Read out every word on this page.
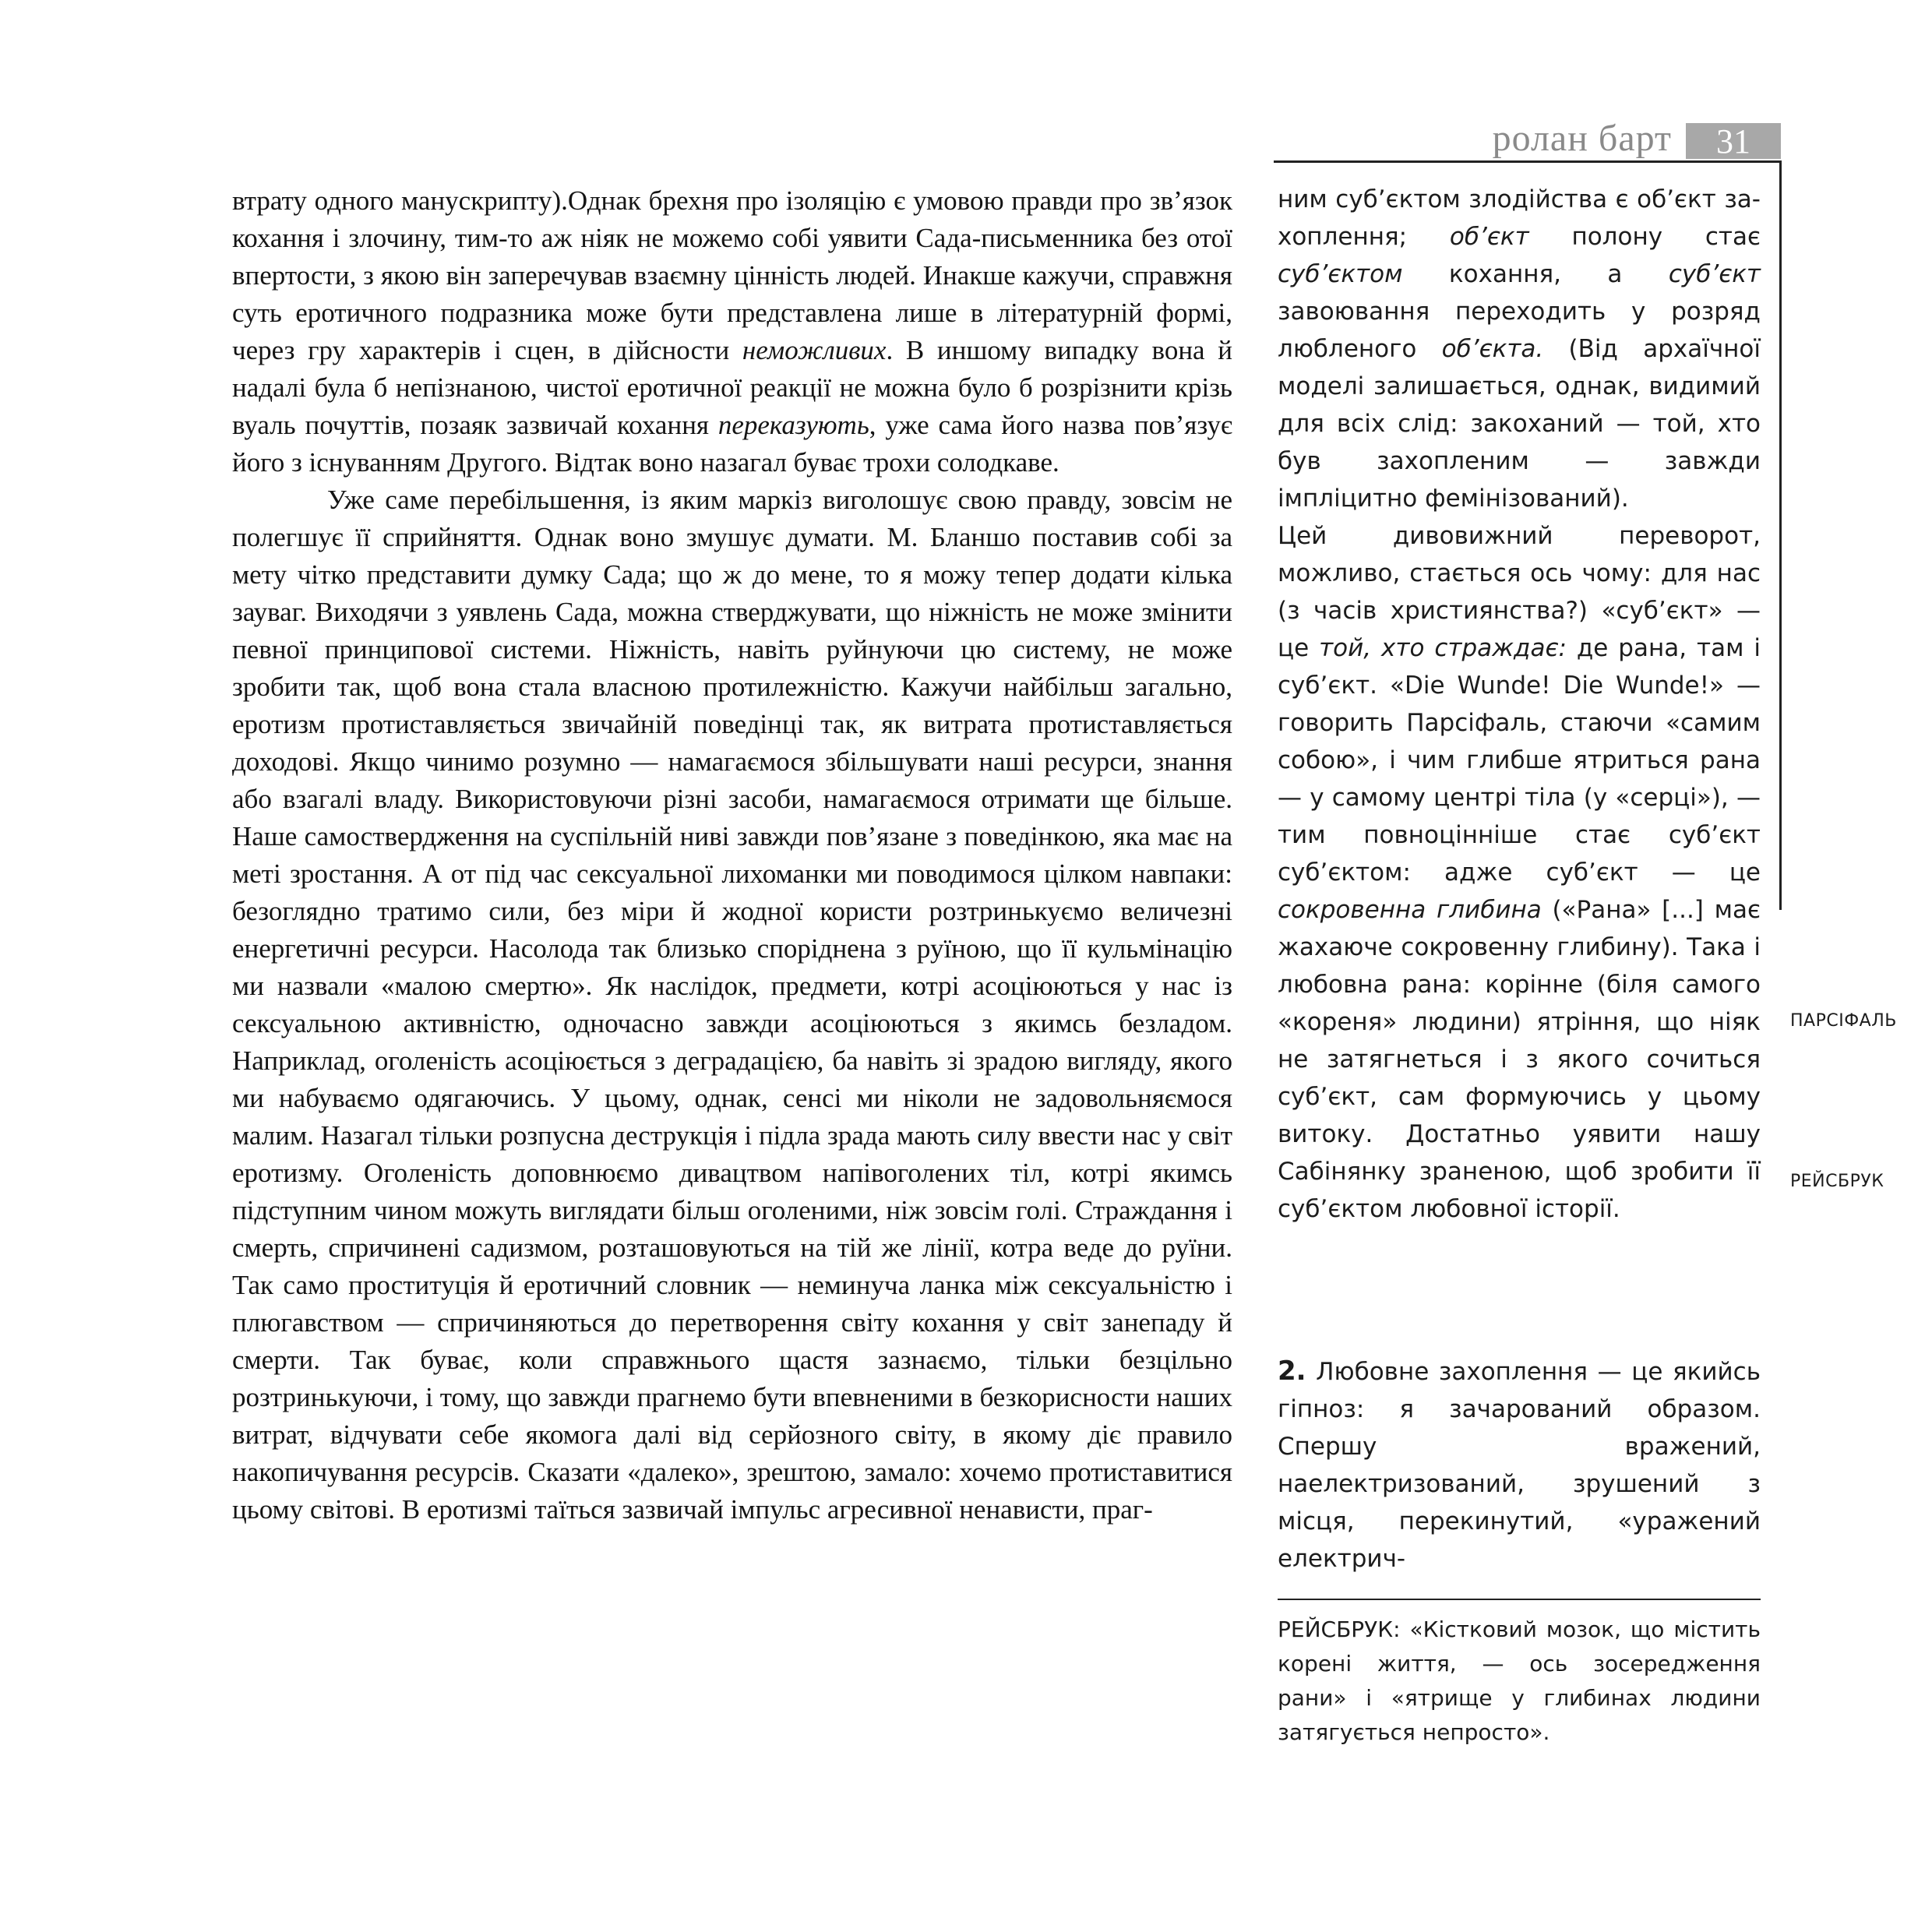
ролан барт	31

втрату одного манускрипту).Однак брехня про ізоляцію є умовою правди про зв’язок кохання і злочину, тим-то аж ніяк не можемо собі уявити Сада-письменника без отої впертости, з якою він заперечував взаємну цінність людей. Инакше кажучи, справжня суть еротичного подразника може бути представлена лише в літературній формі, через гру характерів і сцен, в дійсности неможливих. В иншому випадку вона й надалі була б непізнаною, чистої еротичної реакції не можна було б розрізнити крізь вуаль почуттів, позаяк зазвичай кохання переказують, уже сама його назва пов’язує його з існуванням Другого. Відтак воно назагал буває трохи солодкаве.

Уже саме перебільшення, із яким маркіз виголошує свою правду, зовсім не полегшує її сприйняття. Однак воно змушує думати. М. Бланшо поставив собі за мету чітко представити думку Сада; що ж до мене, то я можу тепер додати кілька зауваг. Виходячи з уявлень Сада, можна стверджувати, що ніжність не може змінити певної принципової системи. Ніжність, навіть руйнуючи цю систему, не може зробити так, щоб вона стала власною протилежністю. Кажучи найбільш загально, еротизм протиставляється звичайній поведінці так, як витрата протиставляється доходові. Якщо чинимо розумно — намагаємося збільшувати наші ресурси, знання або взагалі владу. Використовуючи різні засоби, намагаємося отримати ще більше. Наше самоствердження на суспільній ниві завжди пов’язане з поведінкою, яка має на меті зростання. А от під час сексуальної лихоманки ми поводимося цілком навпаки: безоглядно тратимо сили, без міри й жодної користи розтринькуємо величезні енергетичні ресурси. Насолода так близько споріднена з руїною, що її кульмінацію ми назвали «малою смертю». Як наслідок, предмети, котрі асоціюються у нас із сексуальною активністю, одночасно завжди асоціюються з якимсь безладом. Наприклад, оголеність асоціюється з деградацією, ба навіть зі зрадою вигляду, якого ми набуваємо одягаючись. У цьому, однак, сенсі ми ніколи не задовольняємося малим. Назагал тільки розпусна деструкція і підла зрада мають силу ввести нас у світ еротизму. Оголеність доповнюємо дивацтвом напівоголених тіл, котрі якимсь підступним чином можуть виглядати більш оголеними, ніж зовсім голі. Страждання і смерть, спричинені садизмом, розташовуються на тій же лінії, котра веде до руїни. Так само проституція й еротичний словник — неминуча ланка між сексуальністю і плюгавством — спричиняються до перетворення світу кохання у світ занепаду й смерти. Так буває, коли справжнього щастя зазнаємо, тільки безцільно розтринькуючи, і тому, що завжди прагнемо бути впевненими в безкорисности наших витрат, відчувати себе якомога далі від серйозного світу, в якому діє правило накопичування ресурсів. Сказати «далеко», зрештою, замало: хочемо протиставитися цьому світові. В еротизмі таїться зазвичай імпульс агресивної ненависти, праг-

ним суб’єктом злодійства є об’єкт за-хоплення; об’єкт полону стає суб’єктом кохання, а суб’єкт завоювання переходить у розряд любленого об’єкта. (Від архаїчної моделі залишається, однак, видимий для всіх слід: закоханий — той, хто був захопленим — завжди імпліцитно фемінізований).

Цей дивовижний переворот, можливо, стається ось чому: для нас (з часів християнства?) «суб’єкт» — це той, хто страждає: де рана, там і суб’єкт. «Die Wunde! Die Wunde!» — говорить Парсіфаль, стаючи «самим собою», і чим глибше ятриться рана — у самому центрі тіла (у «серці»), — тим повноцінніше стає суб’єкт суб’єктом: адже суб’єкт — це сокровенна глибина («Рана» [...] має жахаюче сокровенну глибину). Така і любовна рана: корінне (біля самого «кореня» людини) ятріння, що ніяк не затягнеться і з якого сочиться суб’єкт, сам формуючись у цьому витоку. Достатньо уявити нашу Сабінянку зраненою, щоб зробити її суб’єктом любовної історії.

2. Любовне захоплення — це якийсь гіпноз: я зачарований образом. Спершу вражений, наелектризований, зрушений з місця, перекинутий, «уражений електрич-

РЕЙСБРУК: «Кістковий мозок, що містить корені життя, — ось зосередження рани» і «ятрище у глибинах людини затягується непросто».

ПАРСІФАЛЬ
РЕЙСБРУК
